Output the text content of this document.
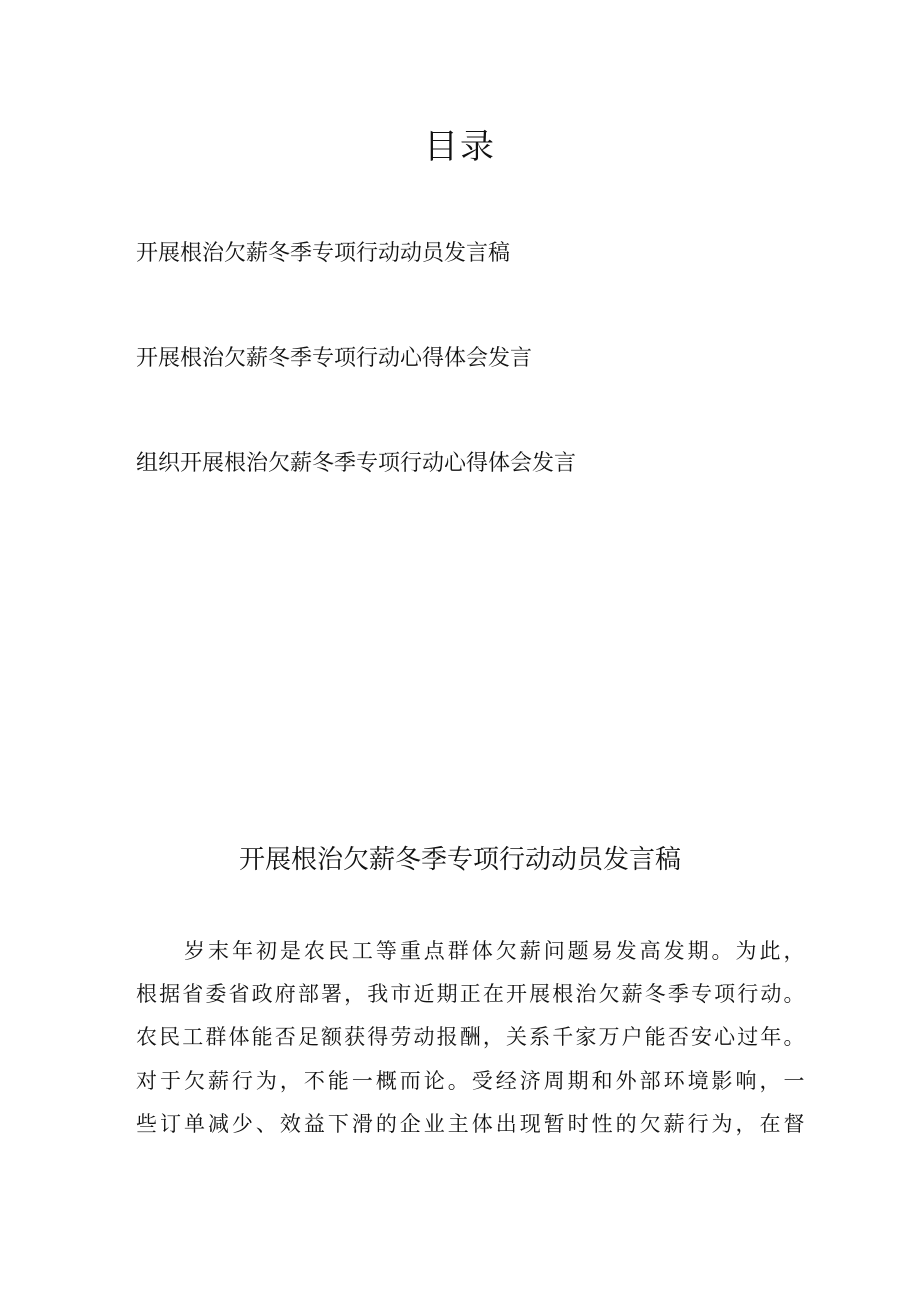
目录
开展根治欠薪冬季专项行动动员发言稿
开展根治欠薪冬季专项行动心得体会发言
组织开展根治欠薪冬季专项行动心得体会发言
开展根治欠薪冬季专项行动动员发言稿
岁末年初是农民工等重点群体欠薪问题易发高发期。为此，
根据省委省政府部署，我市近期正在开展根治欠薪冬季专项行动。
农民工群体能否足额获得劳动报酬，关系千家万户能否安心过年。
对于欠薪行为，不能一概而论。受经济周期和外部环境影响，一
些订单减少、效益下滑的企业主体出现暂时性的欠薪行为，在督
